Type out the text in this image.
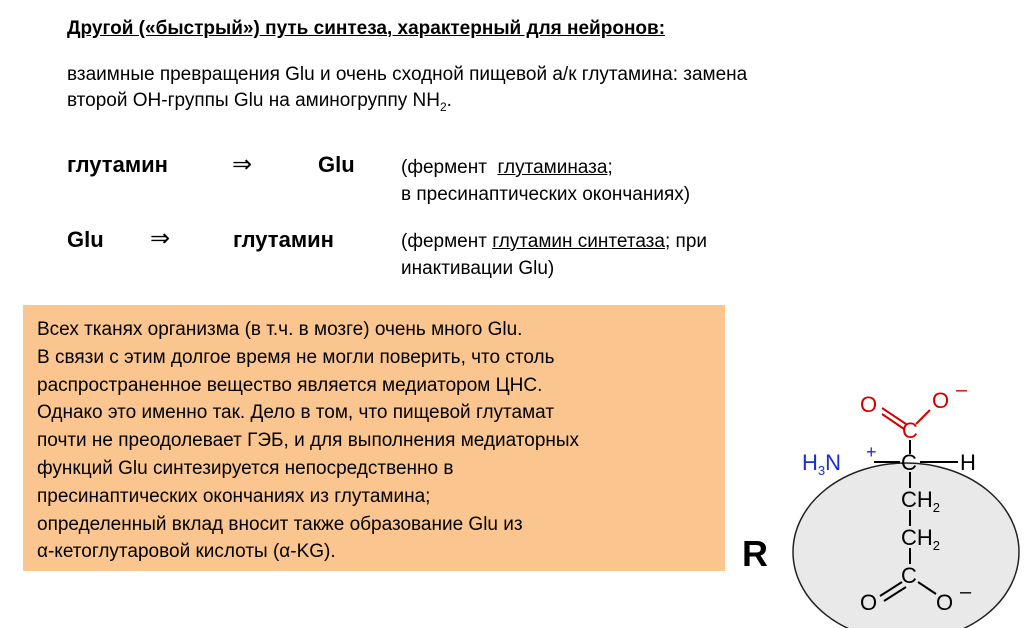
Другой («быстрый») путь синтеза, характерный для нейронов:
взаимные превращения Glu и очень сходной пищевой а/к глутамина: замена
второй ОН-группы Glu на аминогруппу $NH_2$.
глутамин	⇒	Glu (фермент  глутаминаза;
в пресинаптических окончаниях)
Glu ⇒	глутамин	(фермент глутамин синтетаза; при
инактивации Glu)

Всех тканях организма (в т.ч. в мозге) очень много Glu.

В связи с этим долгое время не могли поверить, что столь

распространенное вещество является медиатором ЦНС.

Однако это именно так. Дело в том, что пищевой глутамат

почти не преодолевает ГЭБ, и для выполнения медиаторных

функций Glu синтезируется непосредственно в

пресинаптических окончаниях из глутамина;

определенный вклад вносит также образование Glu из

α-кетоглутаровой кислоты (α-KG).	R
O
C
O –
$H_3N + C$ H
$CH_2$
$CH_2$
C
O	O –
